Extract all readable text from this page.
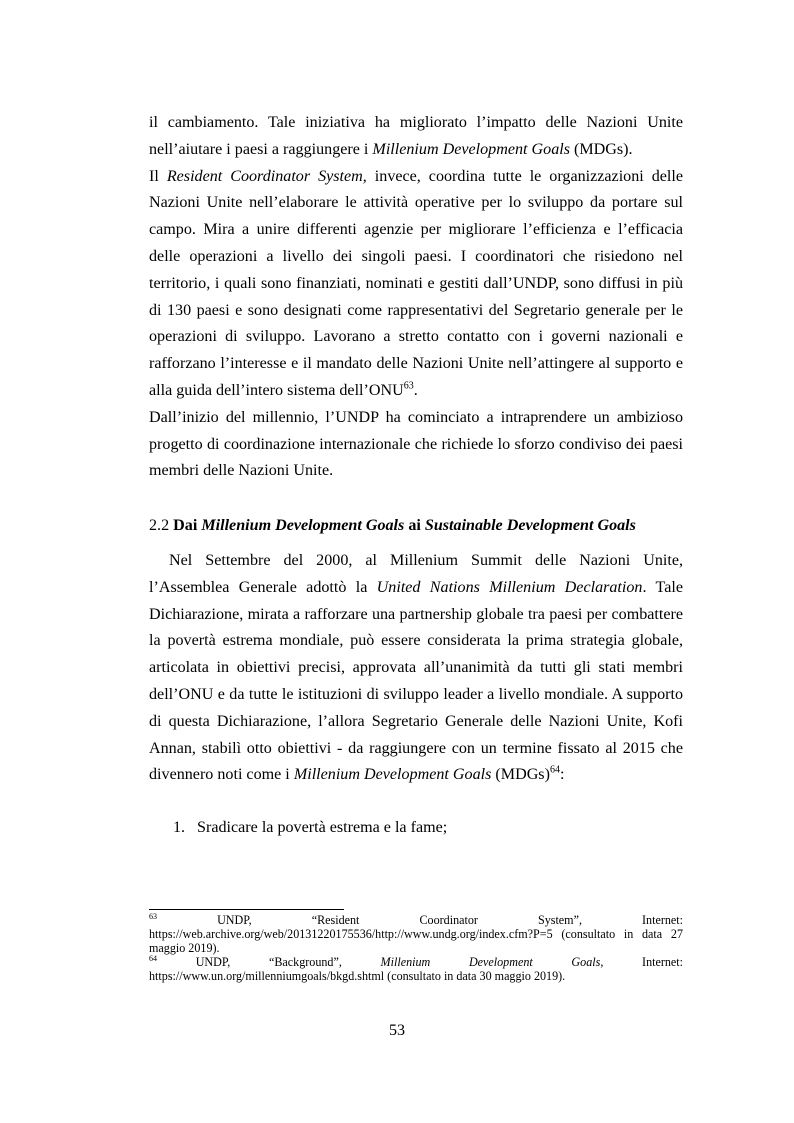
il cambiamento. Tale iniziativa ha migliorato l’impatto delle Nazioni Unite nell’aiutare i paesi a raggiungere i Millenium Development Goals (MDGs).

Il Resident Coordinator System, invece, coordina tutte le organizzazioni delle Nazioni Unite nell’elaborare le attività operative per lo sviluppo da portare sul campo. Mira a unire differenti agenzie per migliorare l’efficienza e l’efficacia delle operazioni a livello dei singoli paesi. I coordinatori che risiedono nel territorio, i quali sono finanziati, nominati e gestiti dall’UNDP, sono diffusi in più di 130 paesi e sono designati come rappresentativi del Segretario generale per le operazioni di sviluppo. Lavorano a stretto contatto con i governi nazionali e rafforzano l’interesse e il mandato delle Nazioni Unite nell’attingere al supporto e alla guida dell’intero sistema dell’ONU$^{63}$.

Dall’inizio del millennio, l’UNDP ha cominciato a intraprendere un ambizioso progetto di coordinazione internazionale che richiede lo sforzo condiviso dei paesi membri delle Nazioni Unite.

2.2 Dai Millenium Development Goals ai Sustainable Development Goals

Nel Settembre del 2000, al Millenium Summit delle Nazioni Unite, l’Assemblea Generale adottò la United Nations Millenium Declaration. Tale Dichiarazione, mirata a rafforzare una partnership globale tra paesi per combattere la povertà estrema mondiale, può essere considerata la prima strategia globale, articolata in obiettivi precisi, approvata all’unanimità da tutti gli stati membri dell’ONU e da tutte le istituzioni di sviluppo leader a livello mondiale. A supporto di questa Dichiarazione, l’allora Segretario Generale delle Nazioni Unite, Kofi Annan, stabilì otto obiettivi - da raggiungere con un termine fissato al 2015 che divennero noti come i Millenium Development Goals (MDGs)$^{64}$:

1. Sradicare la povertà estrema e la fame;

$^{63}$	UNDP, “Resident Coordinator System”, Internet: https://web.archive.org/web/20131220175536/http://www.undg.org/index.cfm?P=5 (consultato in data 27 maggio 2019).

$^{64}$	UNDP, “Background”, Millenium Development Goals, Internet: https://www.un.org/millenniumgoals/bkgd.shtml (consultato in data 30 maggio 2019).

53
